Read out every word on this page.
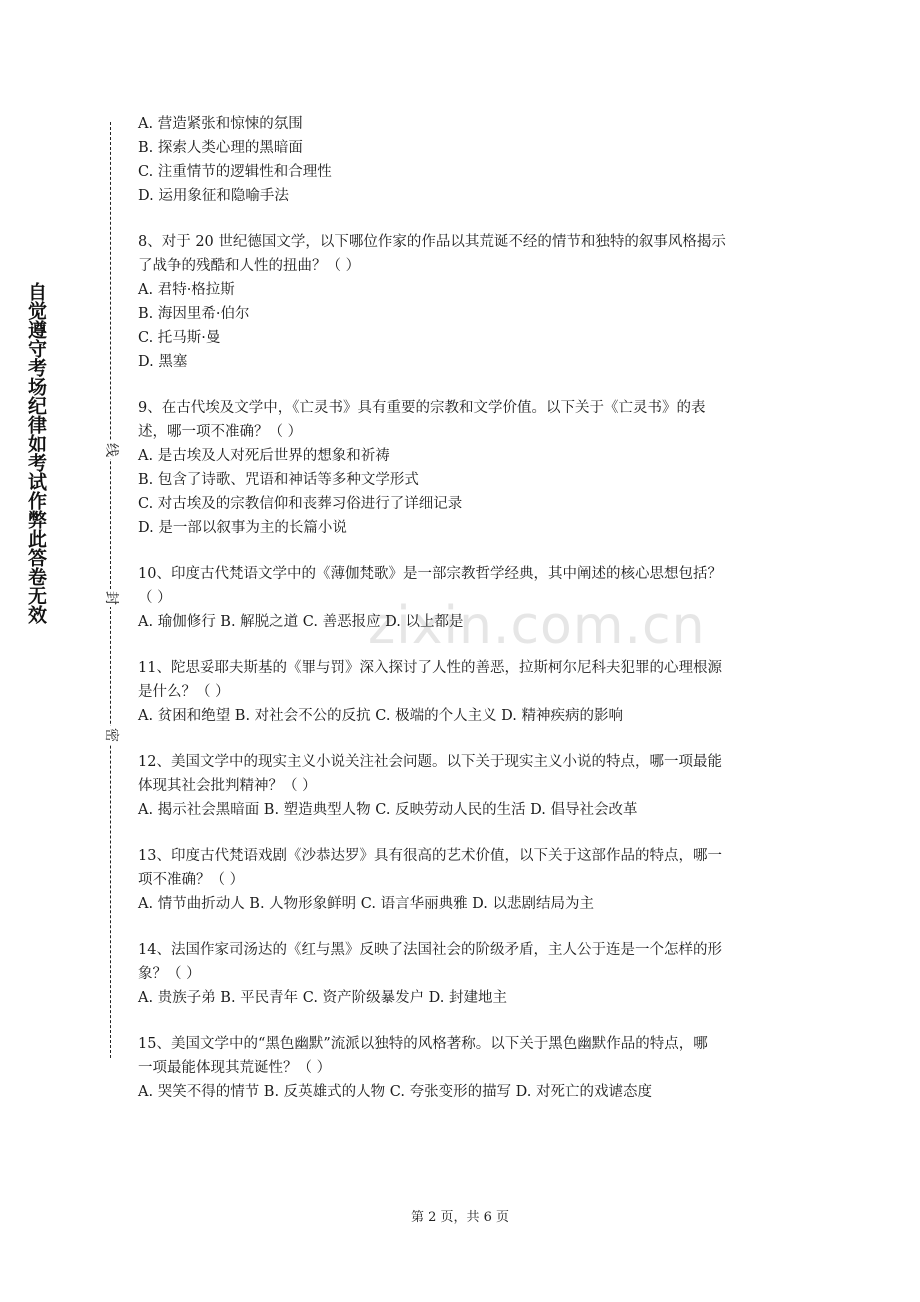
自觉遵守考场纪律如考试作弊此答卷无效	线
封
密
zixin.com.cn
A. 营造紧张和惊悚的氛围
B. 探索人类心理的黑暗面
C. 注重情节的逻辑性和合理性
D. 运用象征和隐喻手法
8、对于 20 世纪德国文学，以下哪位作家的作品以其荒诞不经的情节和独特的叙事风格揭示
了战争的残酷和人性的扭曲？（ ）
A. 君特·格拉斯
B. 海因里希·伯尔
C. 托马斯·曼
D. 黑塞
9、在古代埃及文学中，《亡灵书》具有重要的宗教和文学价值。以下关于《亡灵书》的表
述，哪一项不准确？（ ）
A. 是古埃及人对死后世界的想象和祈祷
B. 包含了诗歌、咒语和神话等多种文学形式
C. 对古埃及的宗教信仰和丧葬习俗进行了详细记录
D. 是一部以叙事为主的长篇小说
10、印度古代梵语文学中的《薄伽梵歌》是一部宗教哲学经典，其中阐述的核心思想包括？
（ ）
A. 瑜伽修行 B. 解脱之道 C. 善恶报应 D. 以上都是
11、陀思妥耶夫斯基的《罪与罚》深入探讨了人性的善恶，拉斯柯尔尼科夫犯罪的心理根源
是什么？（ ）
A. 贫困和绝望 B. 对社会不公的反抗 C. 极端的个人主义 D. 精神疾病的影响
12、美国文学中的现实主义小说关注社会问题。以下关于现实主义小说的特点，哪一项最能
体现其社会批判精神？（ ）
A. 揭示社会黑暗面 B. 塑造典型人物 C. 反映劳动人民的生活 D. 倡导社会改革
13、印度古代梵语戏剧《沙恭达罗》具有很高的艺术价值，以下关于这部作品的特点，哪一
项不准确？（ ）
A. 情节曲折动人 B. 人物形象鲜明 C. 语言华丽典雅 D. 以悲剧结局为主
14、法国作家司汤达的《红与黑》反映了法国社会的阶级矛盾，主人公于连是一个怎样的形
象？（ ）
A. 贵族子弟 B. 平民青年 C. 资产阶级暴发户 D. 封建地主
15、美国文学中的“黑色幽默”流派以独特的风格著称。以下关于黑色幽默作品的特点，哪
一项最能体现其荒诞性？（ ）
A. 哭笑不得的情节 B. 反英雄式的人物 C. 夸张变形的描写 D. 对死亡的戏谑态度
第 2 页，共 6 页
